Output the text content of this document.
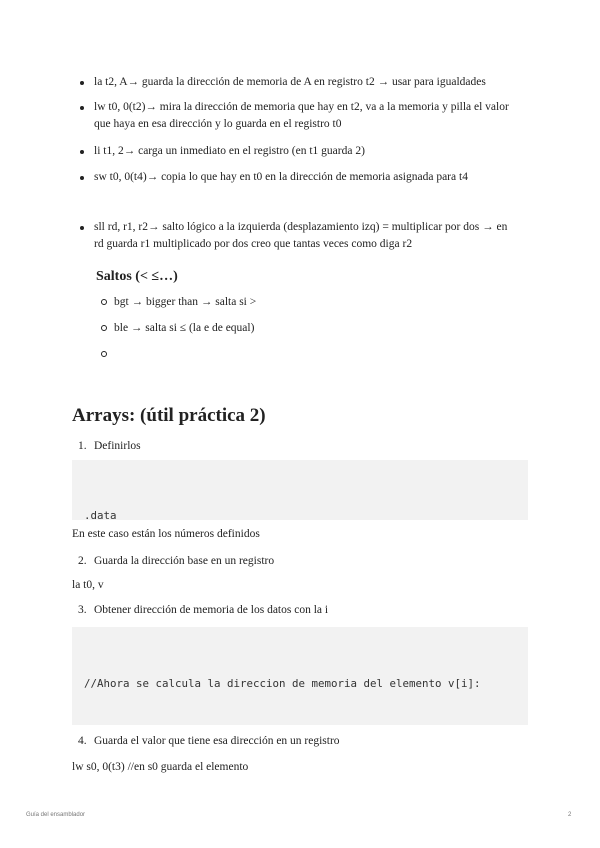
la t2, A→ guarda la dirección de memoria de A en registro t2 → usar para igualdades
lw t0, 0(t2)→ mira la dirección de memoria que hay en t2, va a la memoria y pilla el valor que haya en esa dirección y lo guarda en el registro t0
li t1, 2→ carga un inmediato en el registro (en t1 guarda 2)
sw t0, 0(t4)→ copia lo que hay en t0 en la dirección de memoria asignada para t4
sll rd, r1, r2→ salto lógico a la izquierda (desplazamiento izq) = multiplicar por dos → en rd guarda r1 multiplicado por dos creo que tantas veces como diga r2
Saltos (< ≤…)
bgt → bigger than → salta si >
ble → salta si ≤ (la e de equal)
Arrays: (útil práctica 2)
1. Definirlos

.data

En este caso están los números definidos
2. Guarda la dirección base en un registro
la t0, v
3. Obtener dirección de memoria de los datos con la i

//Ahora se calcula la direccion de memoria del elemento v[i]:

4. Guarda el valor que tiene esa dirección en un registro
lw s0, 0(t3) //en s0 guarda el elemento
Guía del ensamblador	2
